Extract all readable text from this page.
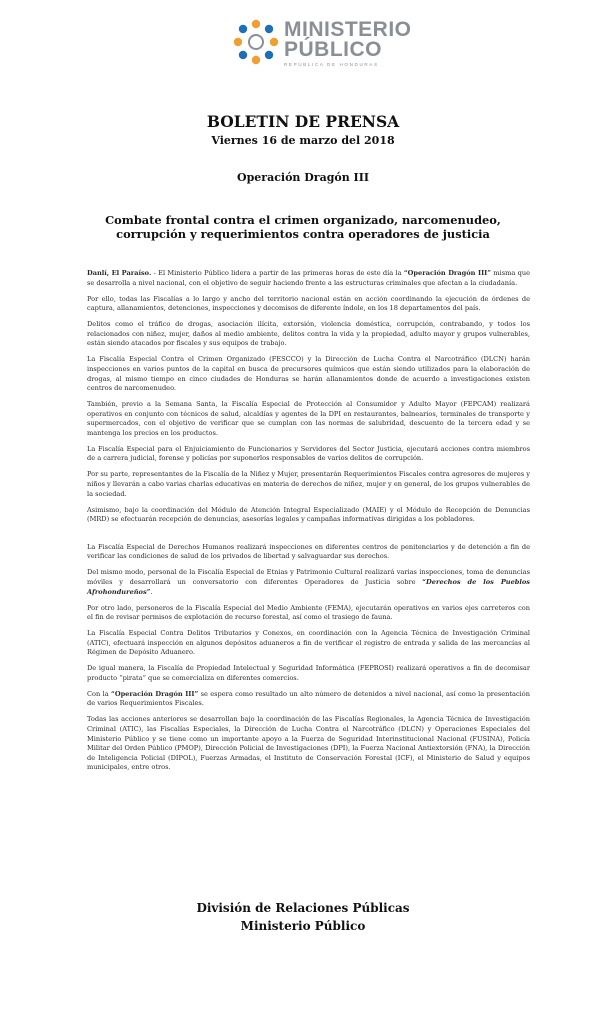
MINISTERIO
PÚBLICO
REPÚBLICA DE HONDURAS
BOLETIN DE PRENSA
Viernes 16 de marzo del 2018
Operación Dragón III
Combate frontal contra el crimen organizado, narcomenudeo, corrupción y requerimientos contra operadores de justicia

Danlí, El Paraíso. - El Ministerio Público lidera a partir de las primeras horas de este día la “Operación Dragón III” misma que se desarrolla a nivel nacional, con el objetivo de seguir haciendo frente a las estructuras criminales que afectan a la ciudadanía.

Por ello, todas las Fiscalías a lo largo y ancho del territorio nacional están en acción coordinando la ejecución de órdenes de captura, allanamientos, detenciones, inspecciones y decomisos de diferente índole, en los 18 departamentos del país.

Delitos como el tráfico de drogas, asociación ilícita, extorsión, violencia doméstica, corrupción, contrabando, y todos los relacionados con niñez, mujer, daños al medio ambiente, delitos contra la vida y la propiedad, adulto mayor y grupos vulnerables, están siendo atacados por fiscales y sus equipos de trabajo.

La Fiscalía Especial Contra el Crimen Organizado (FESCCO) y la Dirección de Lucha Contra el Narcotráfico (DLCN) harán inspecciones en varios puntos de la capital en busca de precursores químicos que están siendo utilizados para la elaboración de drogas, al mismo tiempo en cinco ciudades de Honduras se harán allanamientos donde de acuerdo a investigaciones existen centros de narcomenudeo.

También, previo a la Semana Santa, la Fiscalía Especial de Protección al Consumidor y Adulto Mayor (FEPCAM) realizará operativos en conjunto con técnicos de salud, alcaldías y agentes de la DPI en restaurantes, balnearios, terminales de transporte y supermercados, con el objetivo de verificar que se cumplan con las normas de salubridad, descuento de la tercera edad y se mantenga los precios en los productos.

La Fiscalía Especial para el Enjuiciamiento de Funcionarios y Servidores del Sector Justicia, ejecutará acciones contra miembros de a carrera judicial, forense y policías por suponerlos responsables de varios delitos de corrupción.

Por su parte, representantes de la Fiscalía de la Niñez y Mujer, presentarán Requerimientos Fiscales contra agresores de mujeres y niños y llevarán a cabo varias charlas educativas en materia de derechos de niñez, mujer y en general, de los grupos vulnerables de la sociedad.

Asimismo, bajo la coordinación del Módulo de Atención Integral Especializado (MAIE) y el Módulo de Recepción de Denuncias (MRD) se efectuarán recepción de denuncias, asesorías legales y campañas informativas dirigidas a los pobladores.

La Fiscalía Especial de Derechos Humanos realizará inspecciones en diferentes centros de penitenciarios y de detención a fin de verificar las condiciones de salud de los privados de libertad y salvaguardar sus derechos.

Del mismo modo, personal de la Fiscalía Especial de Etnias y Patrimonio Cultural realizará varias inspecciones, toma de denuncias móviles y desarrollará un conversatorio con diferentes Operadores de Justicia sobre “Derechos de los Pueblos Afrohondureños”.

Por otro lado, personeros de la Fiscalía Especial del Medio Ambiente (FEMA), ejecutarán operativos en varios ejes carreteros con el fin de revisar permisos de explotación de recurso forestal, así como el trasiego de fauna.

La Fiscalía Especial Contra Delitos Tributarios y Conexos, en coordinación con la Agencia Técnica de Investigación Criminal (ATIC), efectuará inspección en algunos depósitos aduaneros a fin de verificar el registro de entrada y salida de las mercancías al Régimen de Depósito Aduanero.

De igual manera, la Fiscalía de Propiedad Intelectual y Seguridad Informática (FEPROSI) realizará operativos a fin de decomisar producto “pirata” que se comercializa en diferentes comercios.

Con la “Operación Dragón III” se espera como resultado un alto número de detenidos a nivel nacional, así como la presentación de varios Requerimientos Fiscales.

Todas las acciones anteriores se desarrollan bajo la coordinación de las Fiscalías Regionales, la Agencia Técnica de Investigación Criminal (ATIC), las Fiscalías Especiales, la Dirección de Lucha Contra el Narcotráfico (DLCN) y Operaciones Especiales del Ministerio Público y se tiene como un importante apoyo a la Fuerza de Seguridad Interinstitucional Nacional (FUSINA), Policía Militar del Orden Público (PMOP), Dirección Policial de Investigaciones (DPI), la Fuerza Nacional Antiextorsión (FNA), la Dirección de Inteligencia Policial (DIPOL), Fuerzas Armadas, el Instituto de Conservación Forestal (ICF), el Ministerio de Salud y equipos municipales, entre otros.

División de Relaciones Públicas
Ministerio Público
